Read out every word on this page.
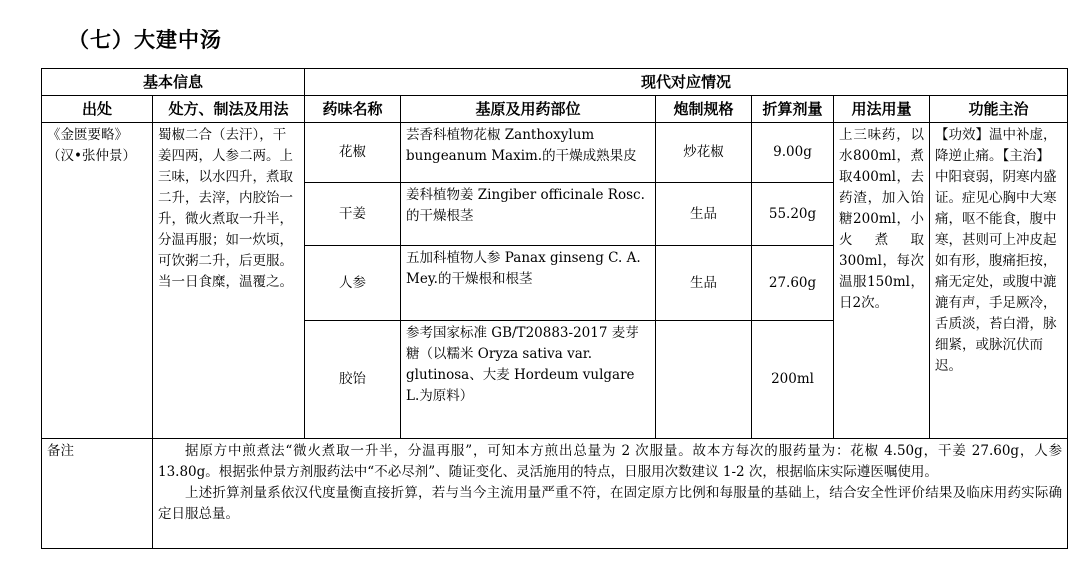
（七）大建中汤
基本信息		现代对应情况					
出处	处方、制法及用法	药味名称	基原及用药部位	炮制规格	折算剂量	用法用量	功能主治
《金匮要略》（汉•张仲景）	蜀椒二合（去汗），干姜四两，人参二两。上三味，以水四升，煮取二升，去滓，内胶饴一升，微火煮取一升半，分温再服；如一炊顷，可饮粥二升，后更服。当一日食糜，温覆之。	花椒	芸香科植物花椒 Zanthoxylum bungeanum Maxim.的干燥成熟果皮	炒花椒	9.00g	上三味药，以水800ml，煮取400ml，去药渣，加入饴糖200ml，小火煮取300ml，每次温服150ml，日2次。	【功效】温中补虚，降逆止痛。【主治】中阳衰弱，阴寒内盛证。症见心胸中大寒痛，呕不能食，腹中寒，甚则可上冲皮起如有形，腹痛拒按，痛无定处，或腹中漉漉有声，手足厥冷，舌质淡，苔白滑，脉细紧，或脉沉伏而迟。
		干姜	姜科植物姜 Zingiber officinale Rosc.的干燥根茎	生品	55.20g		
		人参	五加科植物人参 Panax ginseng C. A. Mey.的干燥根和根茎	生品	27.60g		
		胶饴	参考国家标准 GB/T20883-2017 麦芽糖（以糯米 Oryza sativa var. glutinosa、大麦 Hordeum vulgare L.为原料）		200ml		
备注	据原方中煎煮法“微火煮取一升半，分温再服”，可知本方煎出总量为 2 次服量。故本方每次的服药量为：花椒 4.50g，干姜 27.60g，人参 13.80g。根据张仲景方剂服药法中“不必尽剂”、随证变化、灵活施用的特点，日服用次数建议 1-2 次，根据临床实际遵医嘱使用。

上述折算剂量系依汉代度量衡直接折算，若与当今主流用量严重不符，在固定原方比例和每服量的基础上，结合安全性评价结果及临床用药实际确定日服总量。						
